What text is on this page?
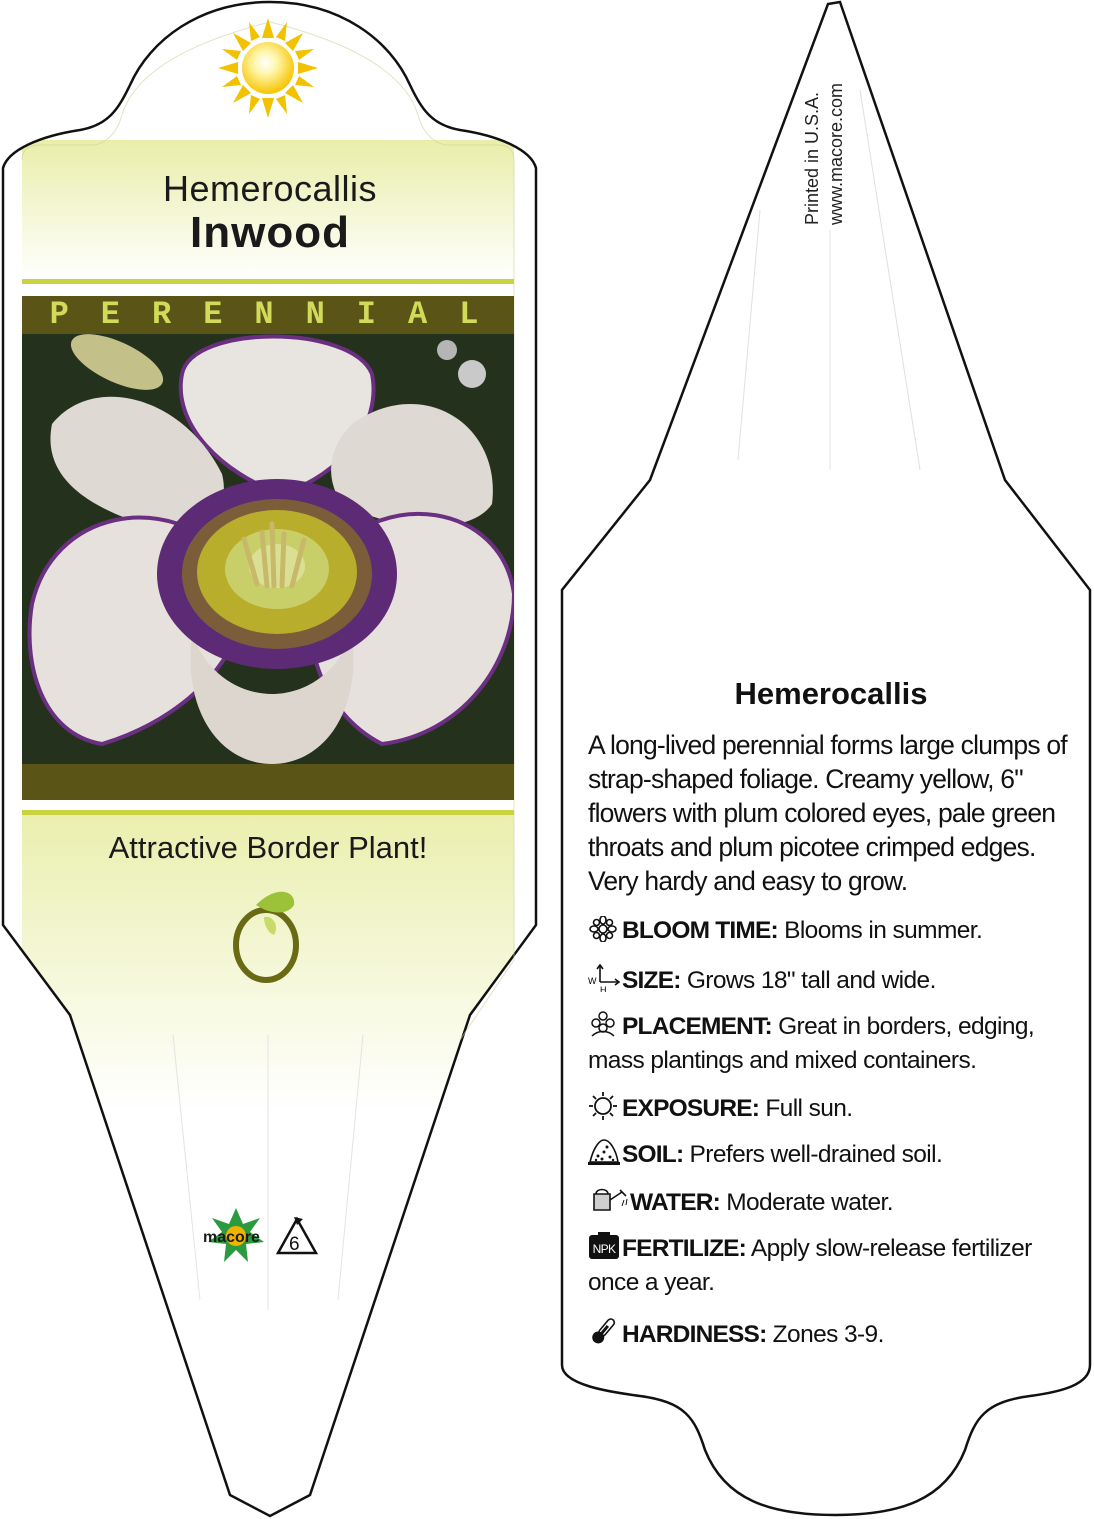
Hemerocallis
Inwood
PERENNIAL
Attractive Border Plant!
macore 6
Printed in U.S.A. www.macore.com
Hemerocallis
A long-lived perennial forms large clumps of strap-shaped foliage. Creamy yellow, 6" flowers with plum colored eyes, pale green throats and plum picotee crimped edges. Very hardy and easy to grow.
BLOOM TIME: Blooms in summer.
W
H SIZE: Grows 18" tall and wide.
PLACEMENT: Great in borders, edging, mass plantings and mixed containers.
EXPOSURE: Full sun.
SOIL: Prefers well-drained soil.
WATER: Moderate water.
NPK FERTILIZE: Apply slow-release fertilizer once a year.
HARDINESS: Zones 3-9.
